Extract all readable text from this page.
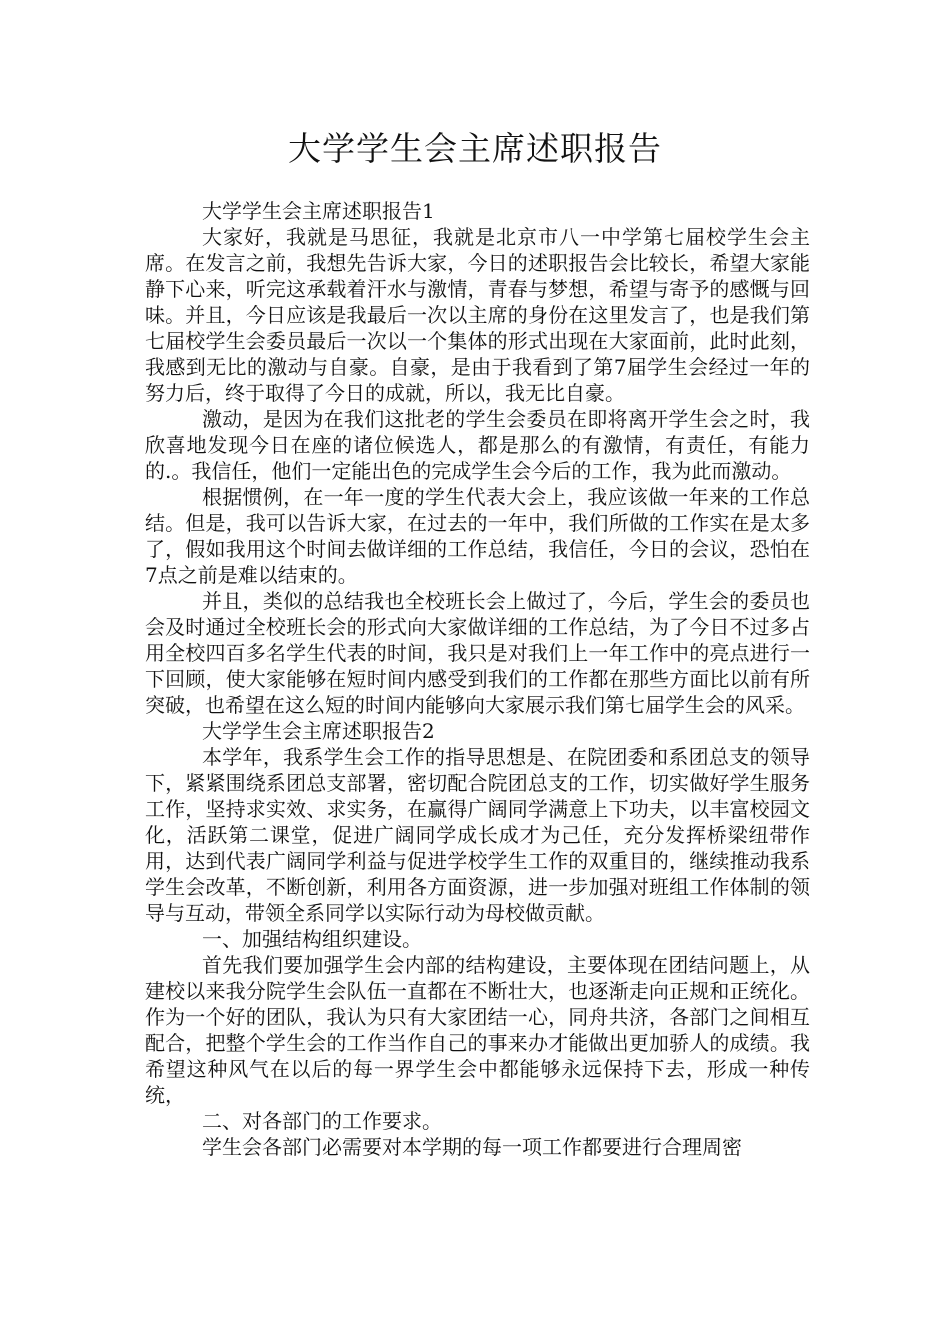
大学学生会主席述职报告

大学学生会主席述职报告1

大家好，我就是马思征，我就是北京市八一中学第七届校学生会主席。在发言之前，我想先告诉大家，今日的述职报告会比较长，希望大家能静下心来，听完这承载着汗水与激情，青春与梦想，希望与寄予的感慨与回味。并且，今日应该是我最后一次以主席的身份在这里发言了，也是我们第七届校学生会委员最后一次以一个集体的形式出现在大家面前，此时此刻，我感到无比的激动与自豪。自豪，是由于我看到了第7届学生会经过一年的努力后，终于取得了今日的成就，所以，我无比自豪。

激动，是因为在我们这批老的学生会委员在即将离开学生会之时，我欣喜地发现今日在座的诸位候选人，都是那么的有激情，有责任，有能力的.。我信任，他们一定能出色的完成学生会今后的工作，我为此而激动。

根据惯例，在一年一度的学生代表大会上，我应该做一年来的工作总结。但是，我可以告诉大家，在过去的一年中，我们所做的工作实在是太多了，假如我用这个时间去做详细的工作总结，我信任，今日的会议，恐怕在7点之前是难以结束的。

并且，类似的总结我也全校班长会上做过了，今后，学生会的委员也会及时通过全校班长会的形式向大家做详细的工作总结，为了今日不过多占用全校四百多名学生代表的时间，我只是对我们上一年工作中的亮点进行一下回顾，使大家能够在短时间内感受到我们的工作都在那些方面比以前有所突破，也希望在这么短的时间内能够向大家展示我们第七届学生会的风采。

大学学生会主席述职报告2

本学年，我系学生会工作的指导思想是、在院团委和系团总支的领导下，紧紧围绕系团总支部署，密切配合院团总支的工作，切实做好学生服务工作，坚持求实效、求实务，在赢得广阔同学满意上下功夫，以丰富校园文化，活跃第二课堂，促进广阔同学成长成才为己任，充分发挥桥梁纽带作用，达到代表广阔同学利益与促进学校学生工作的双重目的，继续推动我系学生会改革，不断创新，利用各方面资源，进一步加强对班组工作体制的领导与互动，带领全系同学以实际行动为母校做贡献。

一、加强结构组织建设。

首先我们要加强学生会内部的结构建设，主要体现在团结问题上，从建校以来我分院学生会队伍一直都在不断壮大，也逐渐走向正规和正统化。作为一个好的团队，我认为只有大家团结一心，同舟共济，各部门之间相互配合，把整个学生会的工作当作自己的事来办才能做出更加骄人的成绩。我希望这种风气在以后的每一界学生会中都能够永远保持下去，形成一种传统，

二、对各部门的工作要求。

学生会各部门必需要对本学期的每一项工作都要进行合理周密
